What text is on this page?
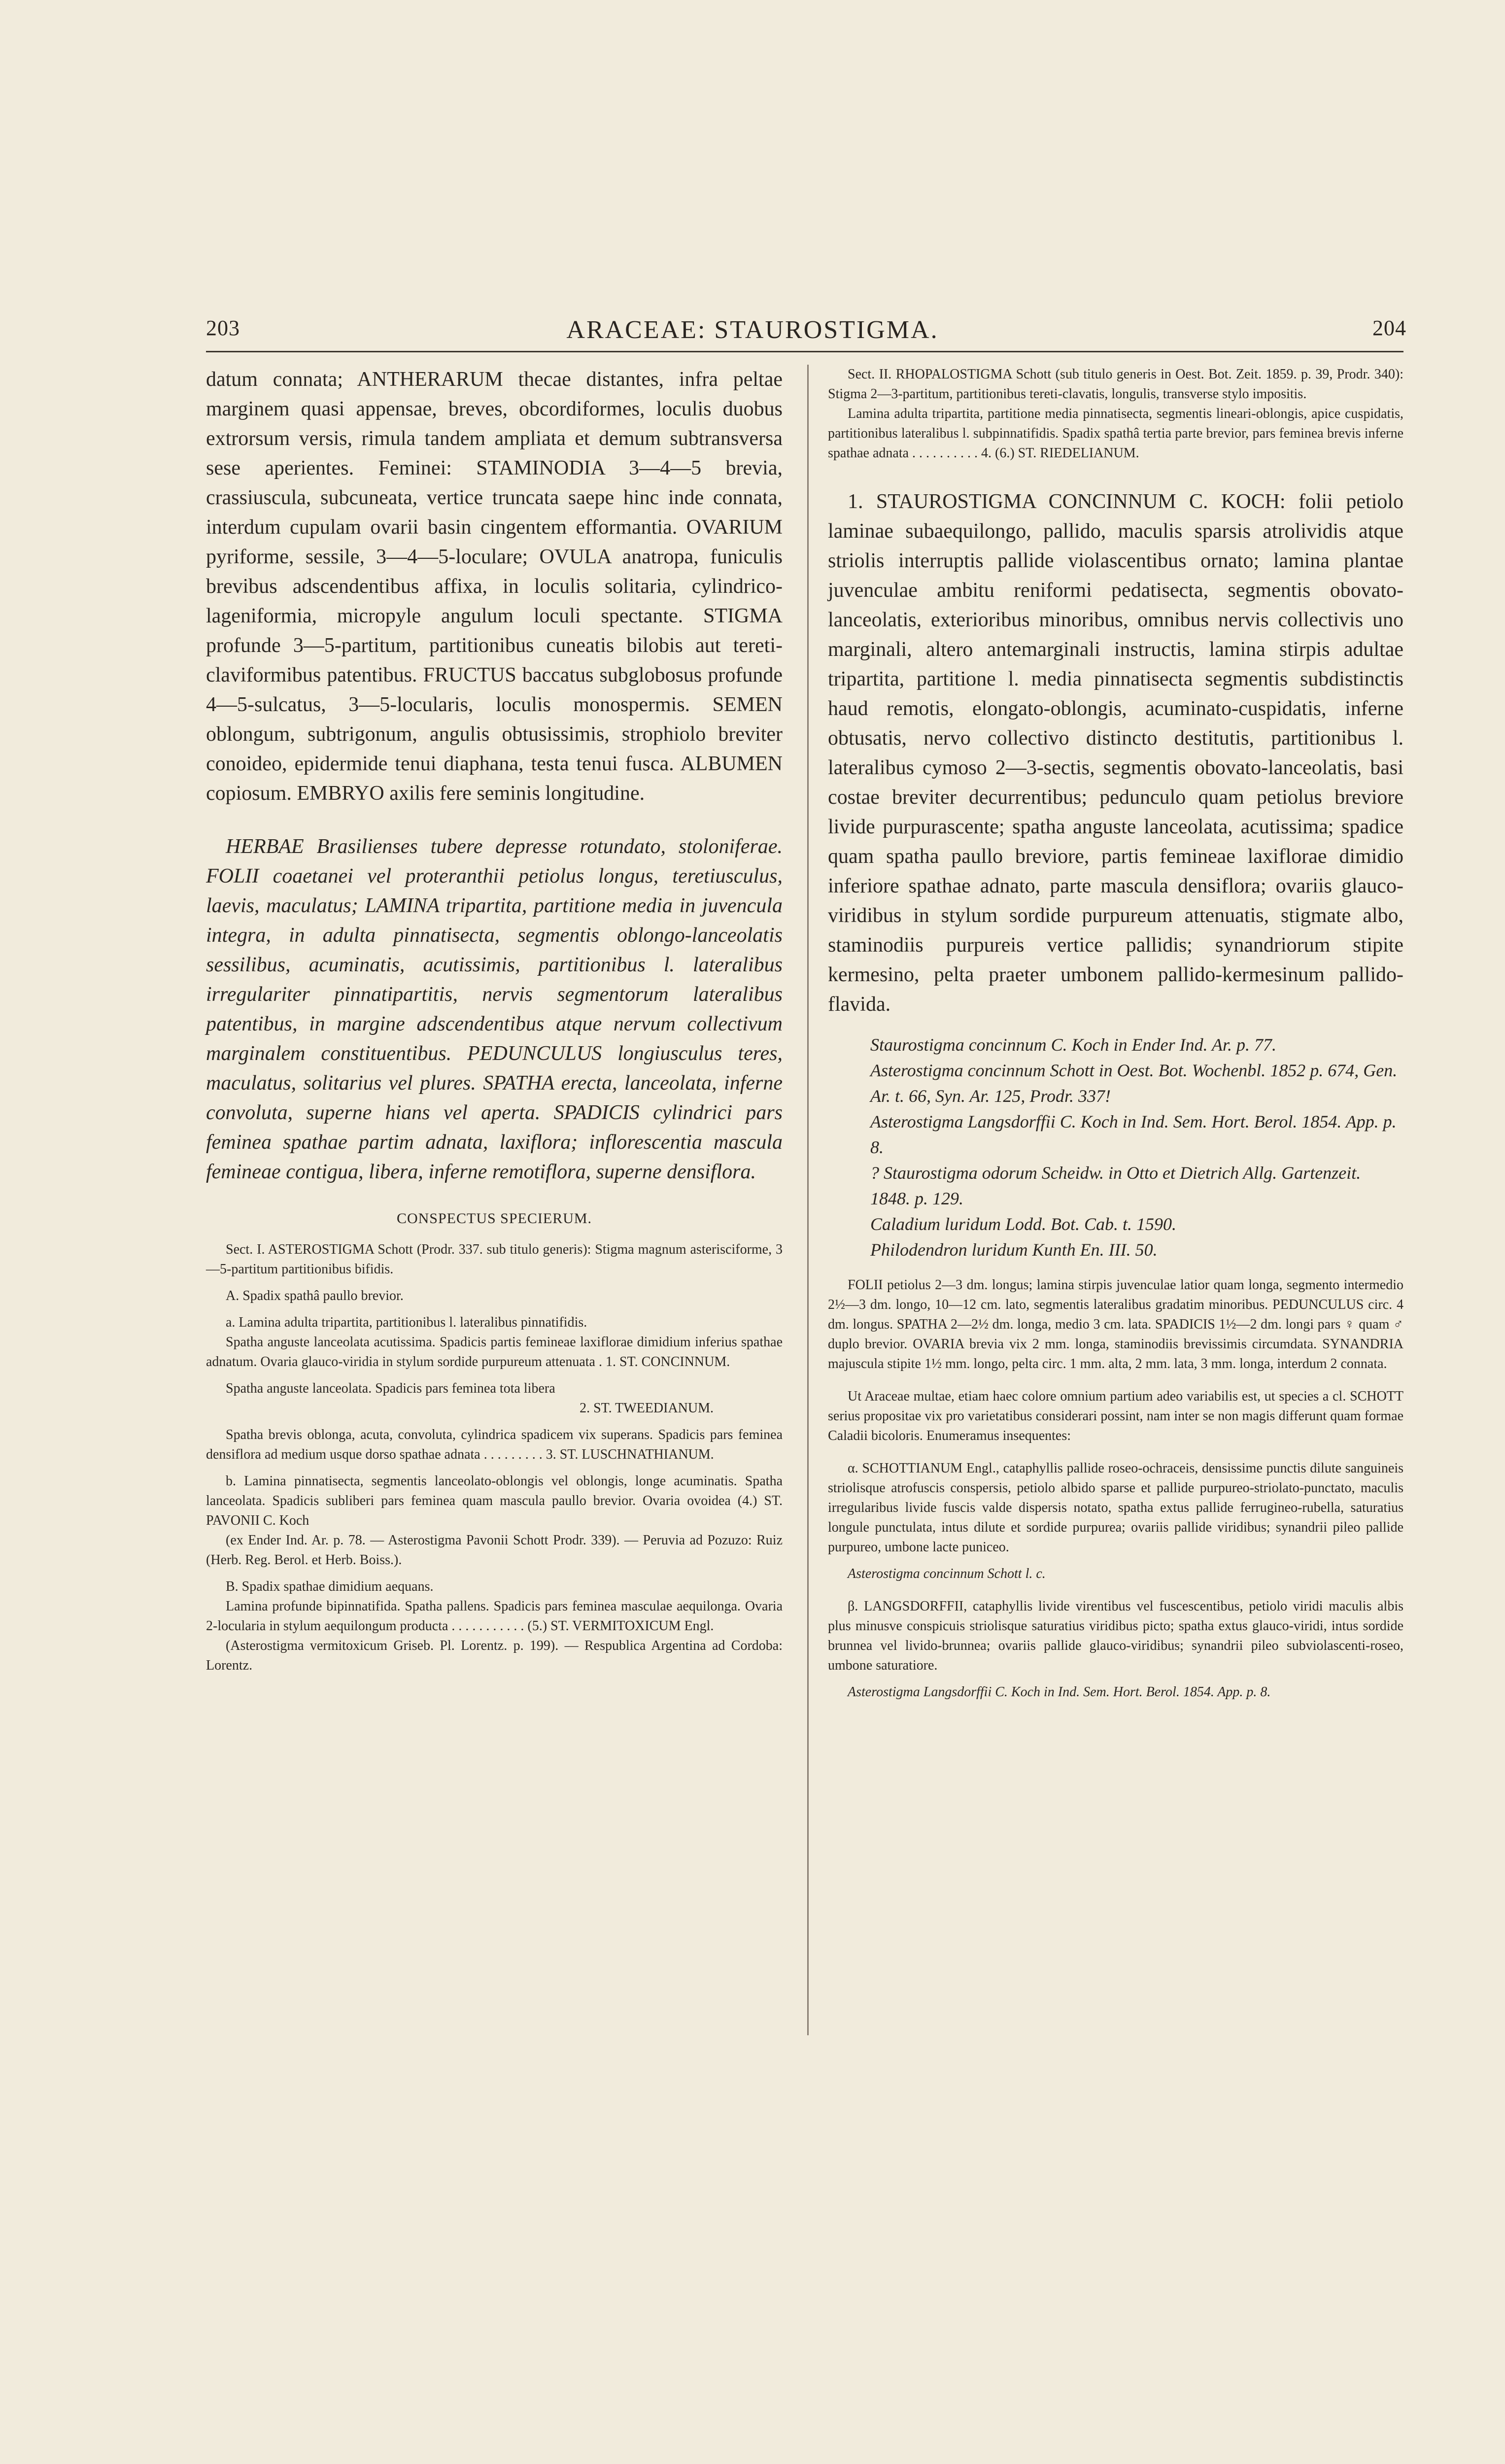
203	ARACEAE: STAUROSTIGMA.	204

datum connata; ANTHERARUM thecae distantes, infra peltae marginem quasi appensae, breves, obcordiformes, loculis duobus extrorsum versis, rimula tandem ampliata et demum subtransversa sese aperientes. Feminei: STAMINODIA 3—4—5 brevia, crassiuscula, subcuneata, vertice truncata saepe hinc inde connata, interdum cupulam ovarii basin cingentem efformantia. OVARIUM pyriforme, sessile, 3—4—5-loculare; OVULA anatropa, funiculis brevibus adscendentibus affixa, in loculis solitaria, cylindrico-lageniformia, micropyle angulum loculi spectante. STIGMA profunde 3—5-partitum, partitionibus cuneatis bilobis aut tereti-claviformibus patentibus. FRUCTUS baccatus subglobosus profunde 4—5-sulcatus, 3—5-locularis, loculis monospermis. SEMEN oblongum, subtrigonum, angulis obtusissimis, strophiolo breviter conoideo, epidermide tenui diaphana, testa tenui fusca. ALBUMEN copiosum. EMBRYO axilis fere seminis longitudine.

HERBAE Brasilienses tubere depresse rotundato, stoloniferae. FOLII coaetanei vel proteranthii petiolus longus, teretiusculus, laevis, maculatus; LAMINA tripartita, partitione media in juvencula integra, in adulta pinnatisecta, segmentis oblongo-lanceolatis sessilibus, acuminatis, acutissimis, partitionibus l. lateralibus irregulariter pinnatipartitis, nervis segmentorum lateralibus patentibus, in margine adscendentibus atque nervum collectivum marginalem constituentibus. PEDUNCULUS longiusculus teres, maculatus, solitarius vel plures. SPATHA erecta, lanceolata, inferne convoluta, superne hians vel aperta. SPADICIS cylindrici pars feminea spathae partim adnata, laxiflora; inflorescentia mascula femineae contigua, libera, inferne remotiflora, superne densiflora.

CONSPECTUS SPECIERUM.

Sect. I. ASTEROSTIGMA Schott (Prodr. 337. sub titulo generis): Stigma magnum asterisciforme, 3—5-partitum partitionibus bifidis.

A. Spadix spathâ paullo brevior.

a. Lamina adulta tripartita, partitionibus l. lateralibus pinnatifidis.

Spatha anguste lanceolata acutissima. Spadicis partis femineae laxiflorae dimidium inferius spathae adnatum. Ovaria glauco-viridia in stylum sordide purpureum attenuata . 1. ST. CONCINNUM.

Spatha anguste lanceolata. Spadicis pars feminea tota libera

2. ST. TWEEDIANUM.

Spatha brevis oblonga, acuta, convoluta, cylindrica spadicem vix superans. Spadicis pars feminea densiflora ad medium usque dorso spathae adnata . . . . . . . . . 3. ST. LUSCHNATHIANUM.

b. Lamina pinnatisecta, segmentis lanceolato-oblongis vel oblongis, longe acuminatis. Spatha lanceolata. Spadicis subliberi pars feminea quam mascula paullo brevior. Ovaria ovoidea (4.) ST. PAVONII C. Koch

(ex Ender Ind. Ar. p. 78. — Asterostigma Pavonii Schott Prodr. 339). — Peruvia ad Pozuzo: Ruiz (Herb. Reg. Berol. et Herb. Boiss.).

B. Spadix spathae dimidium aequans.

Lamina profunde bipinnatifida. Spatha pallens. Spadicis pars feminea masculae aequilonga. Ovaria 2-locularia in stylum aequilongum producta . . . . . . . . . . . (5.) ST. VERMITOXICUM Engl.

(Asterostigma vermitoxicum Griseb. Pl. Lorentz. p. 199). — Respublica Argentina ad Cordoba: Lorentz.

Sect. II. RHOPALOSTIGMA Schott (sub titulo generis in Oest. Bot. Zeit. 1859. p. 39, Prodr. 340): Stigma 2—3-partitum, partitionibus tereti-clavatis, longulis, transverse stylo impositis.

Lamina adulta tripartita, partitione media pinnatisecta, segmentis lineari-oblongis, apice cuspidatis, partitionibus lateralibus l. subpinnatifidis. Spadix spathâ tertia parte brevior, pars feminea brevis inferne spathae adnata . . . . . . . . . . 4. (6.) ST. RIEDELIANUM.

1. STAUROSTIGMA CONCINNUM C. KOCH: folii petiolo laminae subaequilongo, pallido, maculis sparsis atrolividis atque striolis interruptis pallide violascentibus ornato; lamina plantae juvenculae ambitu reniformi pedatisecta, segmentis obovato-lanceolatis, exterioribus minoribus, omnibus nervis collectivis uno marginali, altero antemarginali instructis, lamina stirpis adultae tripartita, partitione l. media pinnatisecta segmentis subdistinctis haud remotis, elongato-oblongis, acuminato-cuspidatis, inferne obtusatis, nervo collectivo distincto destitutis, partitionibus l. lateralibus cymoso 2—3-sectis, segmentis obovato-lanceolatis, basi costae breviter decurrentibus; pedunculo quam petiolus breviore livide purpurascente; spatha anguste lanceolata, acutissima; spadice quam spatha paullo breviore, partis femineae laxiflorae dimidio inferiore spathae adnato, parte mascula densiflora; ovariis glauco-viridibus in stylum sordide purpureum attenuatis, stigmate albo, staminodiis purpureis vertice pallidis; synandriorum stipite kermesino, pelta praeter umbonem pallido-kermesinum pallido-flavida.

Staurostigma concinnum C. Koch in Ender Ind. Ar. p. 77.

Asterostigma concinnum Schott in Oest. Bot. Wochenbl. 1852 p. 674, Gen. Ar. t. 66, Syn. Ar. 125, Prodr. 337!

Asterostigma Langsdorffii C. Koch in Ind. Sem. Hort. Berol. 1854. App. p. 8.

? Staurostigma odorum Scheidw. in Otto et Dietrich Allg. Gartenzeit. 1848. p. 129.

Caladium luridum Lodd. Bot. Cab. t. 1590.

Philodendron luridum Kunth En. III. 50.

FOLII petiolus 2—3 dm. longus; lamina stirpis juvenculae latior quam longa, segmento intermedio 2½—3 dm. longo, 10—12 cm. lato, segmentis lateralibus gradatim minoribus. PEDUNCULUS circ. 4 dm. longus. SPATHA 2—2½ dm. longa, medio 3 cm. lata. SPADICIS 1½—2 dm. longi pars ♀ quam ♂ duplo brevior. OVARIA brevia vix 2 mm. longa, staminodiis brevissimis circumdata. SYNANDRIA majuscula stipite 1½ mm. longo, pelta circ. 1 mm. alta, 2 mm. lata, 3 mm. longa, interdum 2 connata.

Ut Araceae multae, etiam haec colore omnium partium adeo variabilis est, ut species a cl. SCHOTT serius propositae vix pro varietatibus considerari possint, nam inter se non magis differunt quam formae Caladii bicoloris. Enumeramus insequentes:

α. SCHOTTIANUM Engl., cataphyllis pallide roseo-ochraceis, densissime punctis dilute sanguineis striolisque atrofuscis conspersis, petiolo albido sparse et pallide purpureo-striolato-punctato, maculis irregularibus livide fuscis valde dispersis notato, spatha extus pallide ferrugineo-rubella, saturatius longule punctulata, intus dilute et sordide purpurea; ovariis pallide viridibus; synandrii pileo pallide purpureo, umbone lacte puniceo.

Asterostigma concinnum Schott l. c.

β. LANGSDORFFII, cataphyllis livide virentibus vel fuscescentibus, petiolo viridi maculis albis plus minusve conspicuis striolisque saturatius viridibus picto; spatha extus glauco-viridi, intus sordide brunnea vel livido-brunnea; ovariis pallide glauco-viridibus; synandrii pileo subviolascenti-roseo, umbone saturatiore.

Asterostigma Langsdorffii C. Koch in Ind. Sem. Hort. Berol. 1854. App. p. 8.
